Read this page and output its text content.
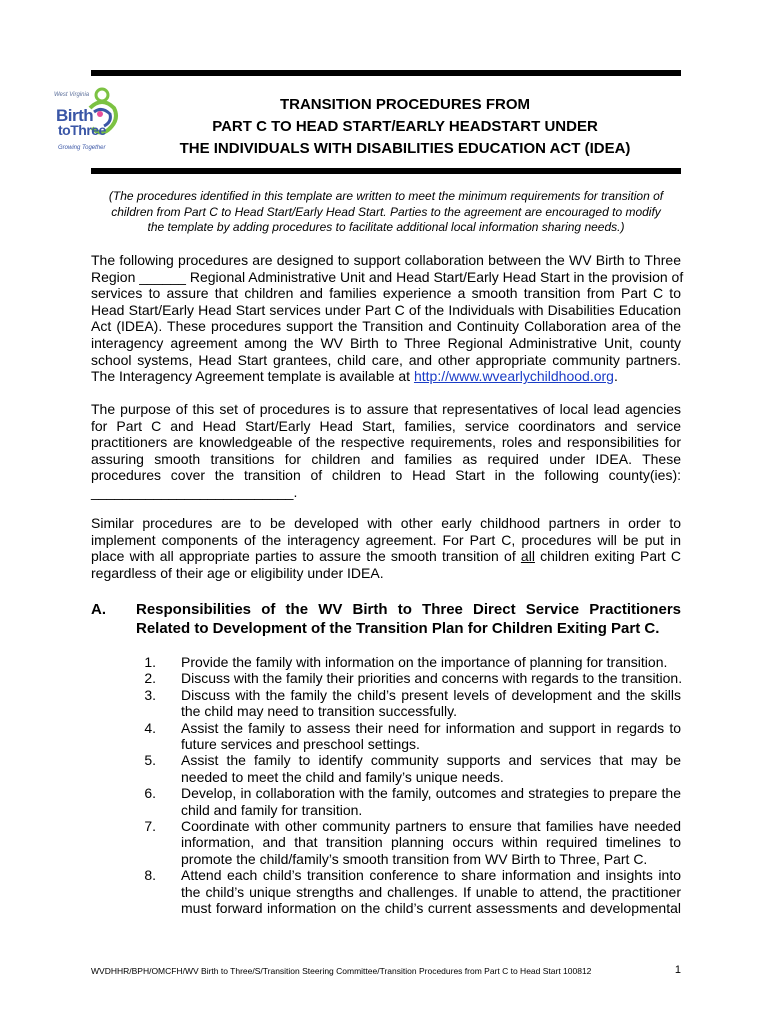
West Virginia
Birth
toThree
Growing Together
TRANSITION PROCEDURES FROM
PART C TO HEAD START/EARLY HEADSTART UNDER
THE INDIVIDUALS WITH DISABILITIES EDUCATION ACT (IDEA)
(The procedures identified in this template are written to meet the minimum requirements for transition of
children from Part C to Head Start/Early Head Start. Parties to the agreement are encouraged to modify
the template by adding procedures to facilitate additional local information sharing needs.)
The following procedures are designed to support collaboration between the WV Birth to Three
Region ______ Regional Administrative Unit and Head Start/Early Head Start in the provision of
services to assure that children and families experience a smooth transition from Part C to
Head Start/Early Head Start services under Part C of the Individuals with Disabilities Education
Act (IDEA). These procedures support the Transition and Continuity Collaboration area of the
interagency agreement among the WV Birth to Three Regional Administrative Unit, county
school systems, Head Start grantees, child care, and other appropriate community partners.
The Interagency Agreement template is available at http://www.wvearlychildhood.org.
The purpose of this set of procedures is to assure that representatives of local lead agencies
for Part C and Head Start/Early Head Start, families, service coordinators and service
practitioners are knowledgeable of the respective requirements, roles and responsibilities for
assuring smooth transitions for children and families as required under IDEA. These
procedures cover the transition of children to Head Start in the following county(ies):
__________________________.
Similar procedures are to be developed with other early childhood partners in order to
implement components of the interagency agreement. For Part C, procedures will be put in
place with all appropriate parties to assure the smooth transition of all children exiting Part C
regardless of their age or eligibility under IDEA.
A. Responsibilities of the WV Birth to Three Direct Service Practitioners
Related to Development of the Transition Plan for Children Exiting Part C.
1. Provide the family with information on the importance of planning for transition.
2. Discuss with the family their priorities and concerns with regards to the transition.
3. Discuss with the family the child’s present levels of development and the skills
the child may need to transition successfully.
4. Assist the family to assess their need for information and support in regards to
future services and preschool settings.
5. Assist the family to identify community supports and services that may be
needed to meet the child and family’s unique needs.
6. Develop, in collaboration with the family, outcomes and strategies to prepare the
child and family for transition.
7. Coordinate with other community partners to ensure that families have needed
information, and that transition planning occurs within required timelines to
promote the child/family’s smooth transition from WV Birth to Three, Part C.
8. Attend each child’s transition conference to share information and insights into
the child’s unique strengths and challenges. If unable to attend, the practitioner
must forward information on the child’s current assessments and developmental
WVDHHR/BPH/OMCFH/WV Birth to Three/S/Transition Steering Committee/Transition Procedures from Part C to Head Start 100812	1
